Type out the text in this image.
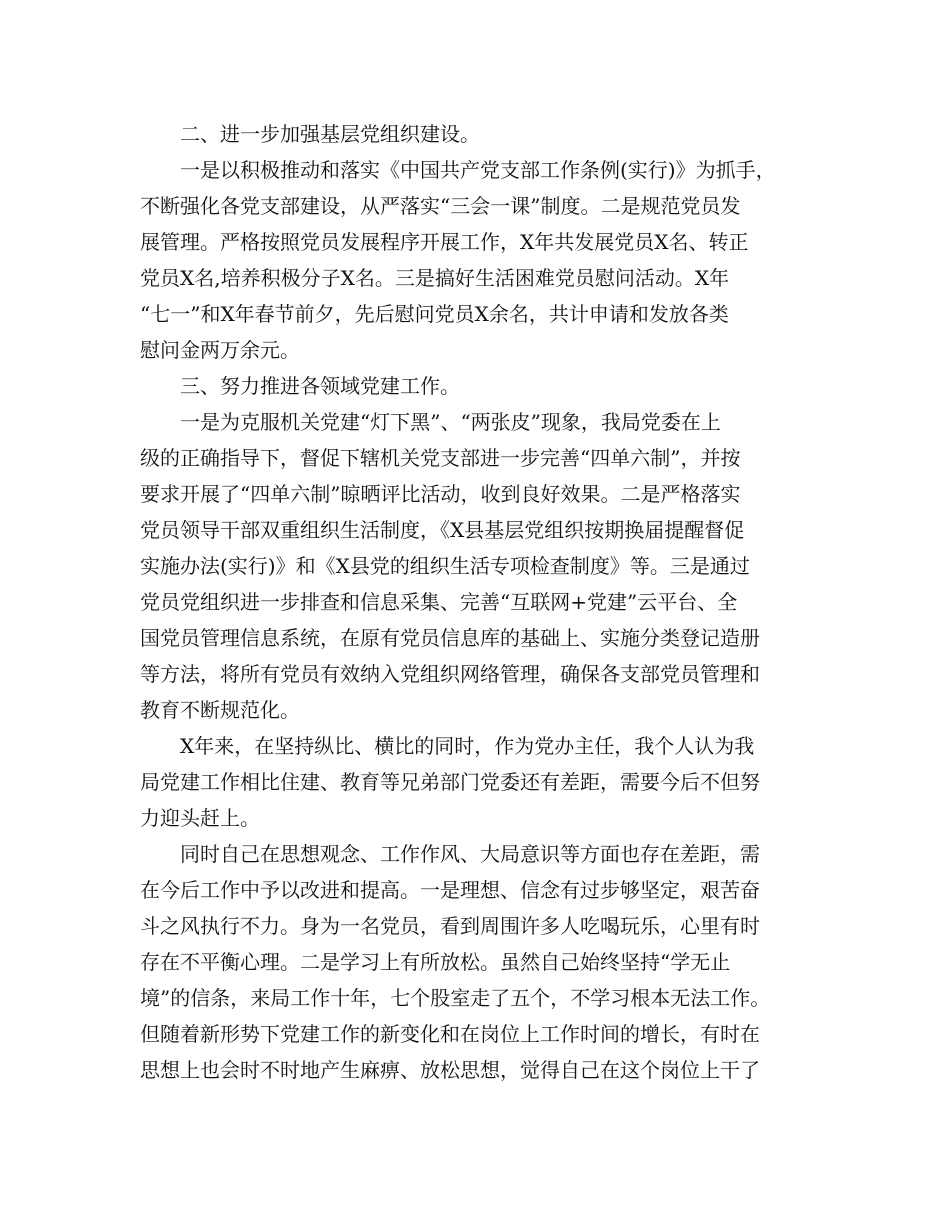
二、进一步加强基层党组织建设。
一是以积极推动和落实《中国共产党支部工作条例(实行)》为抓手，
不断强化各党支部建设，从严落实“三会一课”制度。二是规范党员发
展管理。严格按照党员发展程序开展工作，X年共发展党员X名、转正
党员X名,培养积极分子X名。三是搞好生活困难党员慰问活动。X年
“七一”和X年春节前夕，先后慰问党员X余名，共计申请和发放各类
慰问金两万余元。
三、努力推进各领域党建工作。
一是为克服机关党建“灯下黑”、“两张皮”现象，我局党委在上
级的正确指导下，督促下辖机关党支部进一步完善“四单六制”，并按
要求开展了“四单六制”晾晒评比活动，收到良好效果。二是严格落实
党员领导干部双重组织生活制度，《X县基层党组织按期换届提醒督促
实施办法(实行)》和《X县党的组织生活专项检查制度》等。三是通过
党员党组织进一步排查和信息采集、完善“互联网+党建”云平台、全
国党员管理信息系统，在原有党员信息库的基础上、实施分类登记造册
等方法，将所有党员有效纳入党组织网络管理，确保各支部党员管理和
教育不断规范化。
X年来，在坚持纵比、横比的同时，作为党办主任，我个人认为我
局党建工作相比住建、教育等兄弟部门党委还有差距，需要今后不但努
力迎头赶上。
同时自己在思想观念、工作作风、大局意识等方面也存在差距，需
在今后工作中予以改进和提高。一是理想、信念有过步够坚定，艰苦奋
斗之风执行不力。身为一名党员，看到周围许多人吃喝玩乐，心里有时
存在不平衡心理。二是学习上有所放松。虽然自己始终坚持“学无止
境”的信条，来局工作十年，七个股室走了五个，不学习根本无法工作。
但随着新形势下党建工作的新变化和在岗位上工作时间的增长，有时在
思想上也会时不时地产生麻痹、放松思想，觉得自己在这个岗位上干了
